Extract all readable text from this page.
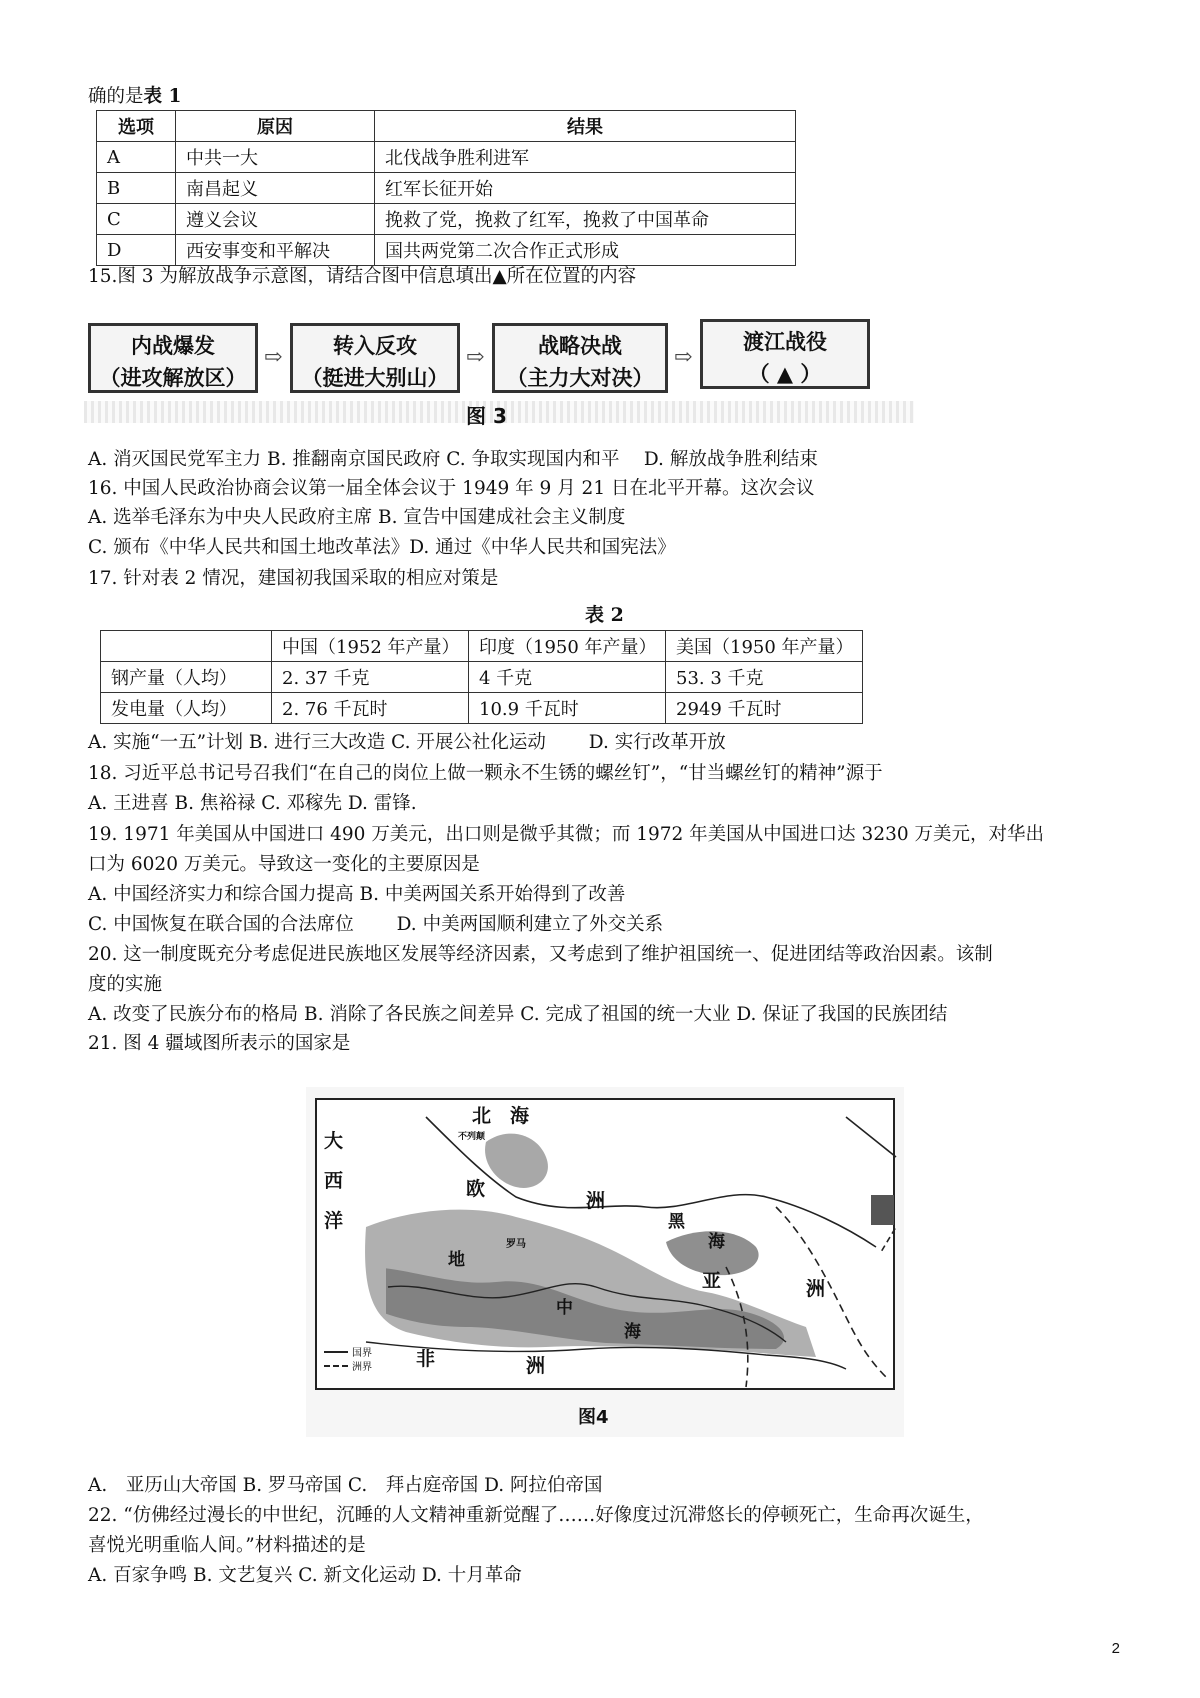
确的是表 1
选项	原因	结果
A	中共一大	北伐战争胜利进军
B	南昌起义	红军长征开始
C	遵义会议	挽救了党，挽救了红军，挽救了中国革命
D	西安事变和平解决	国共两党第二次合作正式形成
15.图 3 为解放战争示意图，请结合图中信息填出▲所在位置的内容
内战爆发
（进攻解放区）
⇨	转入反攻
（挺进大别山）
⇨	战略决战
（主力大对决）
⇨
渡江战役
（ ▲ ）
图 3
A. 消灭国民党军主力 B. 推翻南京国民政府 C. 争取实现国内和平　 D. 解放战争胜利结束
16. 中国人民政治协商会议第一届全体会议于 1949 年 9 月 21 日在北平开幕。这次会议
A. 选举毛泽东为中央人民政府主席 B. 宣告中国建成社会主义制度
C. 颁布《中华人民共和国土地改革法》D. 通过《中华人民共和国宪法》
17. 针对表 2 情况，建国初我国采取的相应对策是
表 2
	中国（1952 年产量）	印度（1950 年产量）	美国（1950 年产量）
钢产量（人均）	2. 37 千克	4 千克	53. 3 千克
发电量（人均）	2. 76 千瓦时	10.9 千瓦时	2949 千瓦时
A. 实施“一五”计划 B. 进行三大改造 C. 开展公社化运动　　 D. 实行改革开放
18. 习近平总书记号召我们“在自己的岗位上做一颗永不生锈的螺丝钉”，“甘当螺丝钉的精神”源于
A. 王进喜 B. 焦裕禄 C. 邓稼先 D. 雷锋.
19. 1971 年美国从中国进口 490 万美元，出口则是微乎其微；而 1972 年美国从中国进口达 3230 万美元，对华出
口为 6020 万美元。导致这一变化的主要原因是
A. 中国经济实力和综合国力提高 B. 中美两国关系开始得到了改善
C. 中国恢复在联合国的合法席位　　 D. 中美两国顺利建立了外交关系
20. 这一制度既充分考虑促进民族地区发展等经济因素，又考虑到了维护祖国统一、促进团结等政治因素。该制
度的实施
A. 改变了民族分布的格局 B. 消除了各民族之间差异 C. 完成了祖国的统一大业 D. 保证了我国的民族团结
21. 图 4 疆域图所表示的国家是
国界
洲界
北　海
不列颠
大
西
洋
欧
洲
黑
海
亚	洲
地
中
海
非	洲
罗马
图4
A.　亚历山大帝国 B. 罗马帝国 C.　拜占庭帝国 D. 阿拉伯帝国
22. “仿佛经过漫长的中世纪，沉睡的人文精神重新觉醒了……好像度过沉滞悠长的停顿死亡，生命再次诞生，
喜悦光明重临人间。”材料描述的是
A. 百家争鸣 B. 文艺复兴 C. 新文化运动 D. 十月革命
2
